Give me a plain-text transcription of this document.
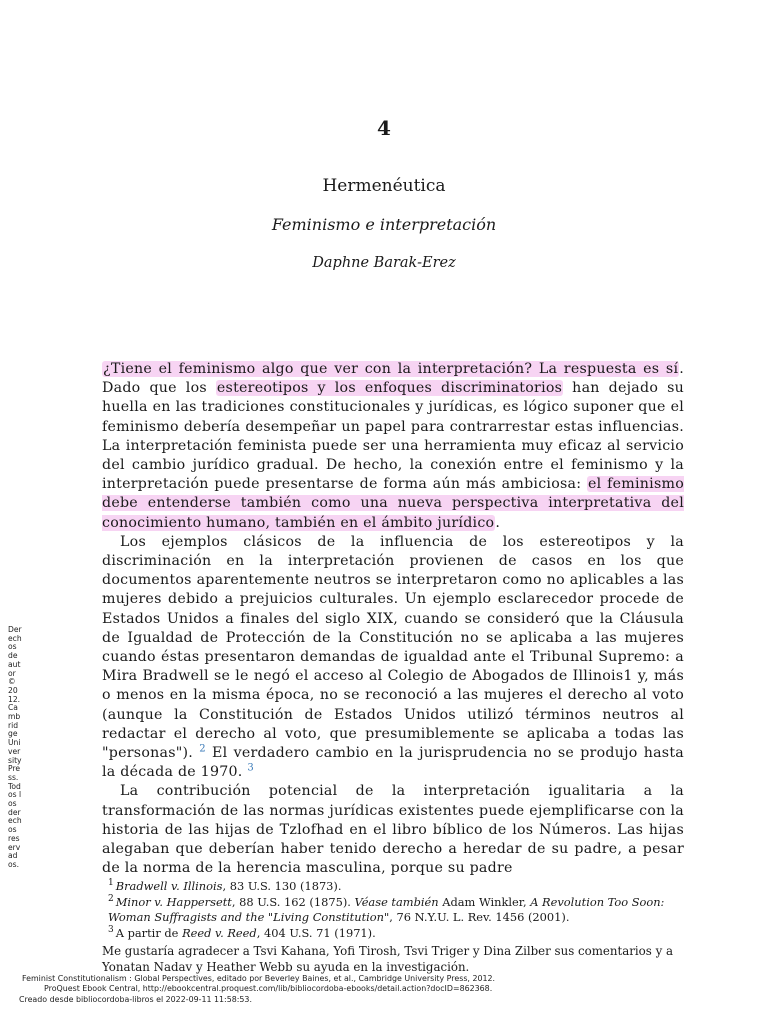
4
Hermenéutica
Feminismo e interpretación
Daphne Barak-Erez

¿Tiene el feminismo algo que ver con la interpretación? La respuesta es sí. Dado que los estereotipos y los enfoques discriminatorios han dejado su huella en las tradiciones constitucionales y jurídicas, es lógico suponer que el feminismo debería desempeñar un papel para contrarrestar estas influencias. La interpretación feminista puede ser una herramienta muy eficaz al servicio del cambio jurídico gradual. De hecho, la conexión entre el feminismo y la interpretación puede presentarse de forma aún más ambiciosa: el feminismo debe entenderse también como una nueva perspectiva interpretativa del conocimiento humano, también en el ámbito jurídico.

Los ejemplos clásicos de la influencia de los estereotipos y la discriminación en la interpretación provienen de casos en los que documentos aparentemente neutros se interpretaron como no aplicables a las mujeres debido a prejuicios culturales. Un ejemplo esclarecedor procede de Estados Unidos a finales del siglo XIX, cuando se consideró que la Cláusula de Igualdad de Protección de la Constitución no se aplicaba a las mujeres cuando éstas presentaron demandas de igualdad ante el Tribunal Supremo: a Mira Bradwell se le negó el acceso al Colegio de Abogados de Illinois1 y, más o menos en la misma época, no se reconoció a las mujeres el derecho al voto (aunque la Constitución de Estados Unidos utilizó términos neutros al redactar el derecho al voto, que presumiblemente se aplicaba a todas las "personas"). $^2$ El verdadero cambio en la jurisprudencia no se produjo hasta la década de 1970. $^3$

La contribución potencial de la interpretación igualitaria a la transformación de las normas jurídicas existentes puede ejemplificarse con la historia de las hijas de Tzlofhad en el libro bíblico de los Números. Las hijas alegaban que deberían haber tenido derecho a heredar de su padre, a pesar de la norma de la herencia masculina, porque su padre

$^1$ Bradwell v. Illinois, 83 U.S. 130 (1873).
$^2$ Minor v. Happersett, 88 U.S. 162 (1875). Véase también Adam Winkler, A Revolution Too Soon: Woman Suffragists and the "Living Constitution", 76 N.Y.U. L. Rev. 1456 (2001).
$^3$ A partir de Reed v. Reed, 404 U.S. 71 (1971).
Me gustaría agradecer a Tsvi Kahana, Yofi Tirosh, Tsvi Triger y Dina Zilber sus comentarios y a Yonatan Nadav y Heather Webb su ayuda en la investigación.
Derechos de autor © 2012. Cambridge University Press. Todos los derechos reservados.
Feminist Constitutionalism : Global Perspectives, editado por Beverley Baines, et al., Cambridge University Press, 2012.
ProQuest Ebook Central, http://ebookcentral.proquest.com/lib/bibliocordoba-ebooks/detail.action?docID=862368.
Creado desde bibliocordoba-libros el 2022-09-11 11:58:53.
